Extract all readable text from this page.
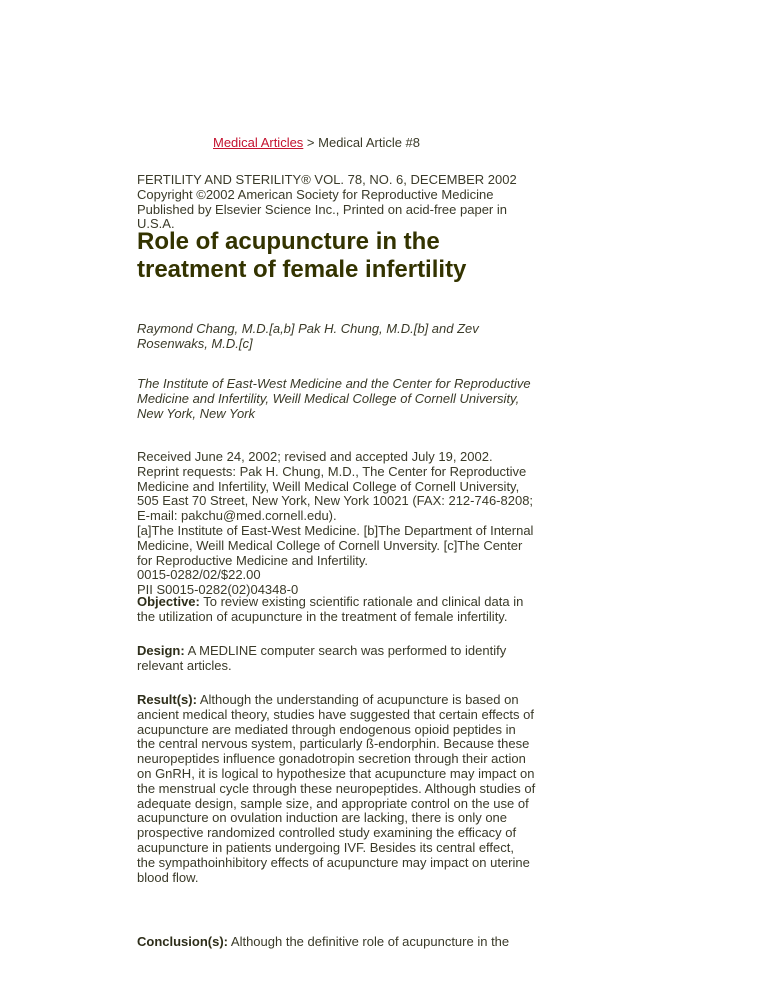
Medical Articles > Medical Article #8
FERTILITY AND STERILITY® VOL. 78, NO. 6, DECEMBER 2002
Copyright ©2002 American Society for Reproductive Medicine
Published by Elsevier Science Inc., Printed on acid-free paper in
U.S.A.
Role of acupuncture in the
treatment of female infertility
Raymond Chang, M.D.[a,b] Pak H. Chung, M.D.[b] and Zev
Rosenwaks, M.D.[c]
The Institute of East-West Medicine and the Center for Reproductive
Medicine and Infertility, Weill Medical College of Cornell University,
New York, New York
Received June 24, 2002; revised and accepted July 19, 2002.
Reprint requests: Pak H. Chung, M.D., The Center for Reproductive
Medicine and Infertility, Weill Medical College of Cornell University,
505 East 70 Street, New York, New York 10021 (FAX: 212-746-8208;
E-mail: pakchu@med.cornell.edu).
[a]The Institute of East-West Medicine. [b]The Department of Internal
Medicine, Weill Medical College of Cornell Unversity. [c]The Center
for Reproductive Medicine and Infertility.
0015-0282/02/$22.00
PII S0015-0282(02)04348-0
Objective: To review existing scientific rationale and clinical data in
the utilization of acupuncture in the treatment of female infertility.
Design: A MEDLINE computer search was performed to identify
relevant articles.
Result(s): Although the understanding of acupuncture is based on
ancient medical theory, studies have suggested that certain effects of
acupuncture are mediated through endogenous opioid peptides in
the central nervous system, particularly ß-endorphin. Because these
neuropeptides influence gonadotropin secretion through their action
on GnRH, it is logical to hypothesize that acupuncture may impact on
the menstrual cycle through these neuropeptides. Although studies of
adequate design, sample size, and appropriate control on the use of
acupuncture on ovulation induction are lacking, there is only one
prospective randomized controlled study examining the efficacy of
acupuncture in patients undergoing IVF. Besides its central effect,
the sympathoinhibitory effects of acupuncture may impact on uterine
blood flow.
Conclusion(s): Although the definitive role of acupuncture in the
